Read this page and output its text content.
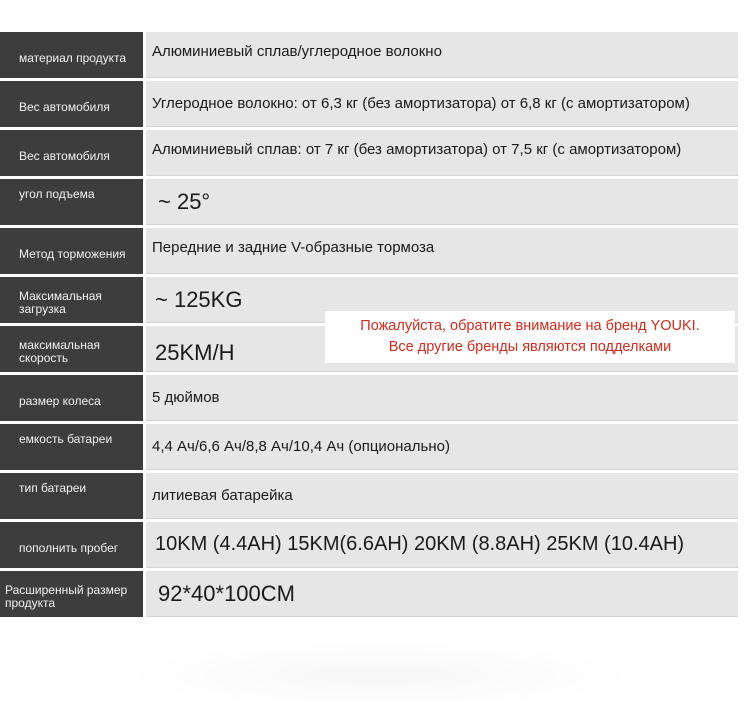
материал продукта	Алюминиевый сплав/углеродное волокно
Вес автомобиля	Углеродное волокно: от 6,3 кг (без амортизатора) от 6,8 кг (с амортизатором)
Вес автомобиля	Алюминиевый сплав: от 7 кг (без амортизатора) от 7,5 кг (с амортизатором)
угол подъема	~ 25°
Метод торможения	Передние и задние V-образные тормоза
Максимальная загрузка	~ 125KG
максимальная скорость	25KM/H
размер колеса	5 дюймов
емкость батареи	4,4 Ач/6,6 Ач/8,8 Ач/10,4 Ач (опционально)
тип батареи	литиевая батарейка
пополнить пробег	10KM (4.4AH) 15KM(6.6AH) 20KM (8.8AH) 25KM (10.4AH)
Расширенный размер продукта	92*40*100CM
Пожалуйста, обратите внимание на бренд YOUKI.
Все другие бренды являются подделками
